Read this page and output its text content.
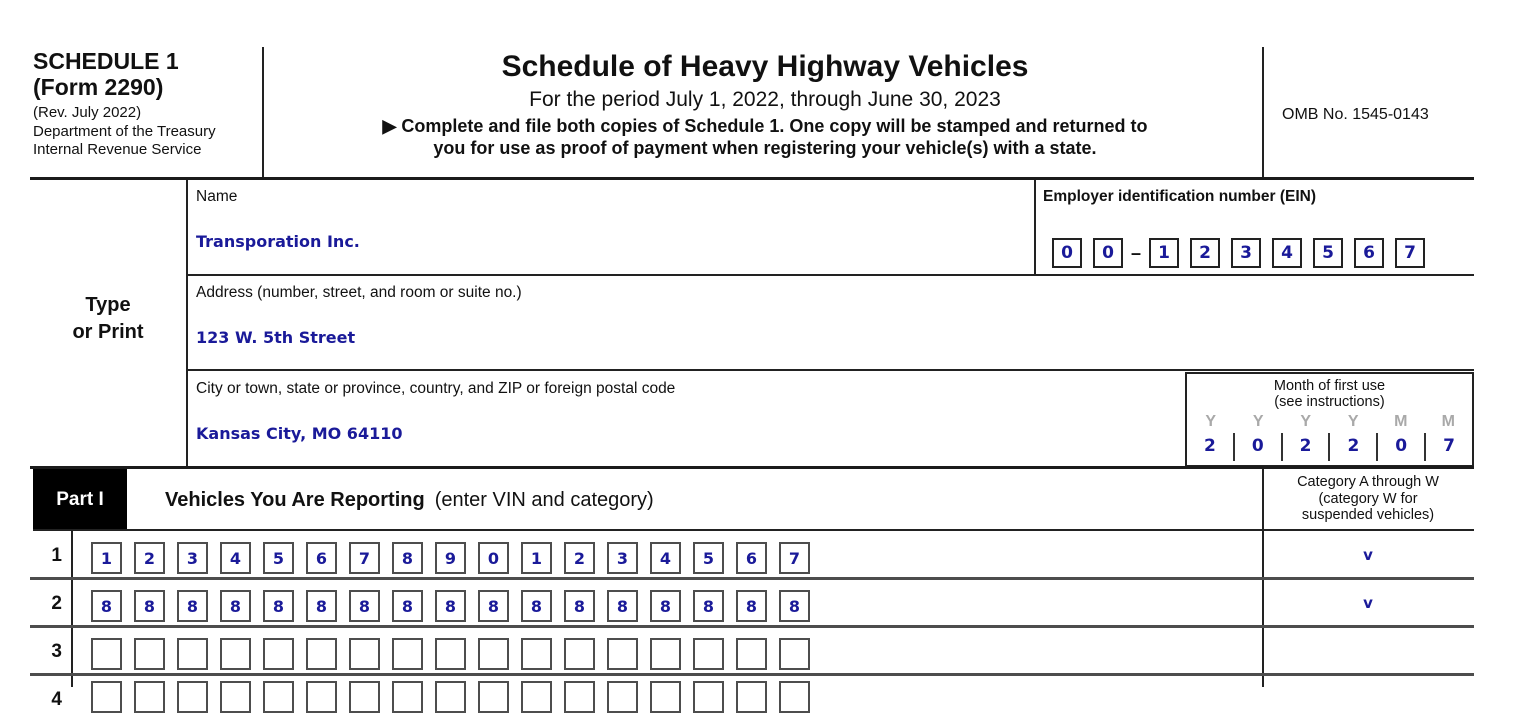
SCHEDULE 1
(Form 2290)
(Rev. July 2022)
Department of the Treasury
Internal Revenue Service
Schedule of Heavy Highway Vehicles
For the period July 1, 2022, through June 30, 2023
▶ Complete and file both copies of Schedule 1. One copy will be stamped and returned to
you for use as proof of payment when registering your vehicle(s) with a state.
OMB No. 1545-0143
Type
or Print
Name
Transporation Inc.
Employer identification number (EIN)
0	0 –	1	2	3	4	5	6	7
Address (number, street, and room or suite no.)
123 W. 5th Street
City or town, state or province, country, and ZIP or foreign postal code
Kansas City, MO 64110
Month of first use
(see instructions)
Y	Y	Y	Y	M	M
2	0	2	2	0	7
Part I	Vehicles You Are Reporting (enter VIN and category)
Category A through W
(category W for
suspended vehicles)
1	1	2	3	4	5	6	7	8	9	0	1	2	3	4	5	6	7	v
2	8	8	8	8	8	8	8	8	8	8	8	8	8	8	8	8	8	v
3
4
